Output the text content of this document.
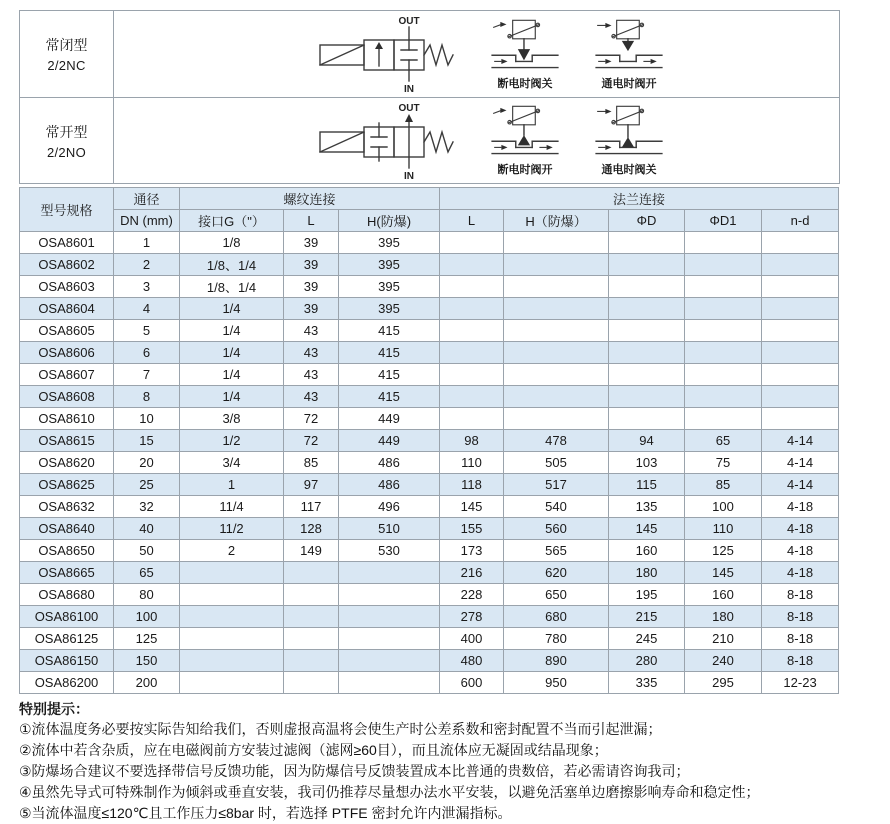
常闭型
2/2NC
OUT
IN	断电时阀关	通电时阀开
常开型
2/2NO
OUT
IN	断电时阀开	通电时阀关
型号规格	通径	螺纹连接			法兰连接				
	DN (mm)	接口G（"）	L	H(防爆)	L	H（防爆）	ΦD	ΦD1	n-d
OSA8601	1	1/8	39	395					
OSA8602	2	1/8、1/4	39	395					
OSA8603	3	1/8、1/4	39	395					
OSA8604	4	1/4	39	395					
OSA8605	5	1/4	43	415					
OSA8606	6	1/4	43	415					
OSA8607	7	1/4	43	415					
OSA8608	8	1/4	43	415					
OSA8610	10	3/8	72	449					
OSA8615	15	1/2	72	449	98	478	94	65	4-14
OSA8620	20	3/4	85	486	110	505	103	75	4-14
OSA8625	25	1	97	486	118	517	115	85	4-14
OSA8632	32	11/4	117	496	145	540	135	100	4-18
OSA8640	40	11/2	128	510	155	560	145	110	4-18
OSA8650	50	2	149	530	173	565	160	125	4-18
OSA8665	65				216	620	180	145	4-18
OSA8680	80				228	650	195	160	8-18
OSA86100	100				278	680	215	180	8-18
OSA86125	125				400	780	245	210	8-18
OSA86150	150				480	890	280	240	8-18
OSA86200	200				600	950	335	295	12-23
特别提示：
①流体温度务必要按实际告知给我们，否则虚报高温将会使生产时公差系数和密封配置不当而引起泄漏；
②流体中若含杂质，应在电磁阀前方安装过滤阀（滤网≥60目），而且流体应无凝固或结晶现象；
③防爆场合建议不要选择带信号反馈功能，因为防爆信号反馈装置成本比普通的贵数倍，若必需请咨询我司；
④虽然先导式可特殊制作为倾斜或垂直安装，我司仍推荐尽量想办法水平安装，以避免活塞单边磨擦影响寿命和稳定性；
⑤当流体温度≤120℃且工作压力≤8bar 时，若选择 PTFE 密封允许内泄漏指标。
